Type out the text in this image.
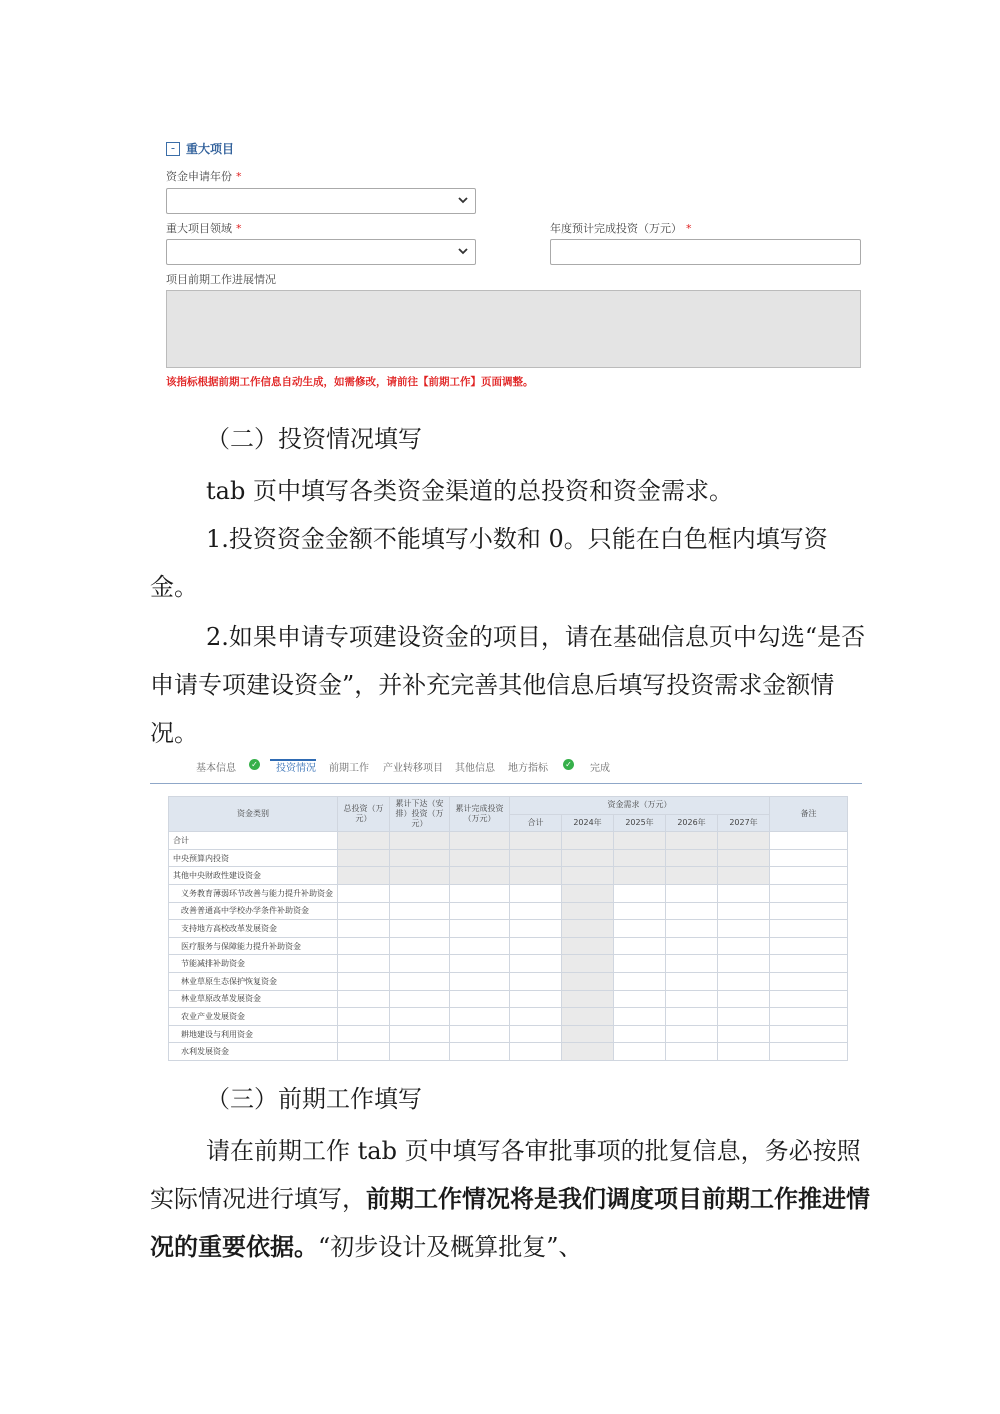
- 重大项目
资金申请年份 *
重大项目领域 *	年度预计完成投资（万元） *
项目前期工作进展情况
该指标根据前期工作信息自动生成，如需修改，请前往【前期工作】页面调整。
（二）投资情况填写
tab 页中填写各类资金渠道的总投资和资金需求。
1.投资资金金额不能填写小数和 0。只能在白色框内填写资金。
2.如果申请专项建设资金的项目，请在基础信息页中勾选“是否申请专项建设资金”，并补充完善其他信息后填写投资需求金额情况。
基本信息 ✓ 投资情况 前期工作 产业转移项目 其他信息 地方指标 ✓ 完成
资金类别	总投资（万元）	累计下达（安排）投资（万元）	累计完成投资（万元）	资金需求（万元）					备注
				合计	2024年	2025年	2026年	2027年	
合计									
中央预算内投资									
其他中央财政性建设资金									
义务教育薄弱环节改善与能力提升补助资金									
改善普通高中学校办学条件补助资金									
支持地方高校改革发展资金									
医疗服务与保障能力提升补助资金									
节能减排补助资金									
林业草原生态保护恢复资金									
林业草原改革发展资金									
农业产业发展资金									
耕地建设与利用资金									
水利发展资金									
（三）前期工作填写
请在前期工作 tab 页中填写各审批事项的批复信息，务必按照实际情况进行填写，前期工作情况将是我们调度项目前期工作推进情况的重要依据。“初步设计及概算批复”、
